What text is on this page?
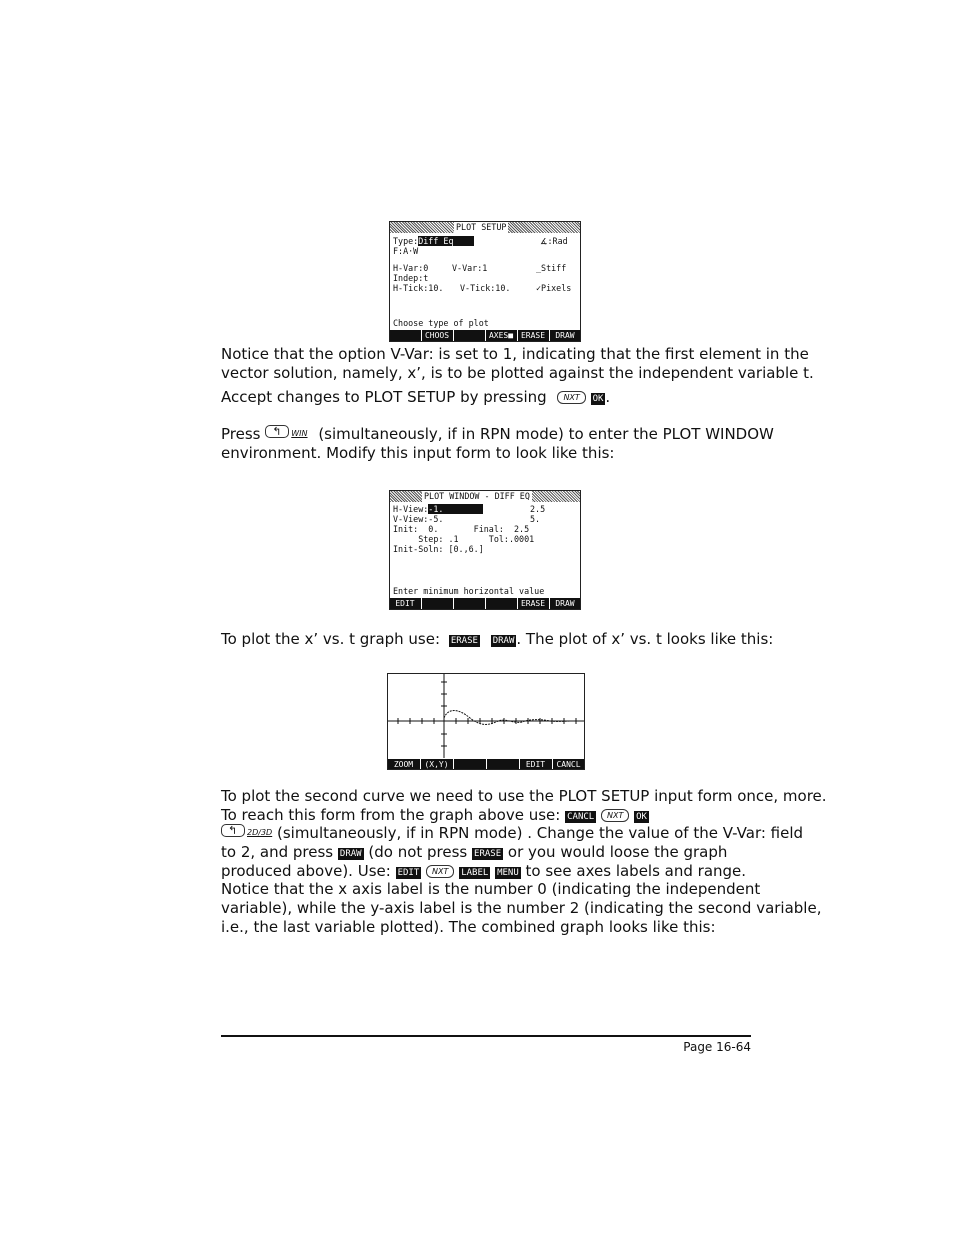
PLOT SETUP
Type:Diff Eq	∡:Rad
F:A·W
H-Var:0	V-Var:1	_Stiff
Indep:t
H-Tick:10. V-Tick:10.	✓Pixels
Choose type of plot
CHOOS	AXES■ ERASE	DRAW
Notice that the option V-Var: is set to 1, indicating that the first element in the
vector solution, namely, x’, is to be plotted against the independent variable t.
Accept changes to PLOT SETUP by pressing NXT OK .
Press ↰	$^{WIN}$ (simultaneously, if in RPN mode) to enter the PLOT WINDOW
environment. Modify this input form to look like this:
PLOT WINDOW - DIFF EQ
H-View:-1.	2.5
V-View:-5.	5.
Init:  0.       Final:  2.5
Step: .1      Tol:.0001
Init-Soln: [0.,6.]
Enter minimum horizontal value
EDIT	ERASE	DRAW
To plot the x’ vs. t graph use: ERASE DRAW . The plot of x’ vs. t looks like this:
ZOOM	(X,Y)	EDIT	CANCL
To plot the second curve we need to use the PLOT SETUP input form once, more.
To reach this form from the graph above use: CANCL NXT OK
↰$^{2D/3D}$ (simultaneously, if in RPN mode) . Change the value of the V-Var: field
to 2, and press DRAW (do not press ERASE or you would loose the graph
produced above). Use: EDIT NXT LABEL MENU to see axes labels and range.
Notice that the x axis label is the number 0 (indicating the independent
variable), while the y-axis label is the number 2 (indicating the second variable,
i.e., the last variable plotted). The combined graph looks like this:
Page 16-64
